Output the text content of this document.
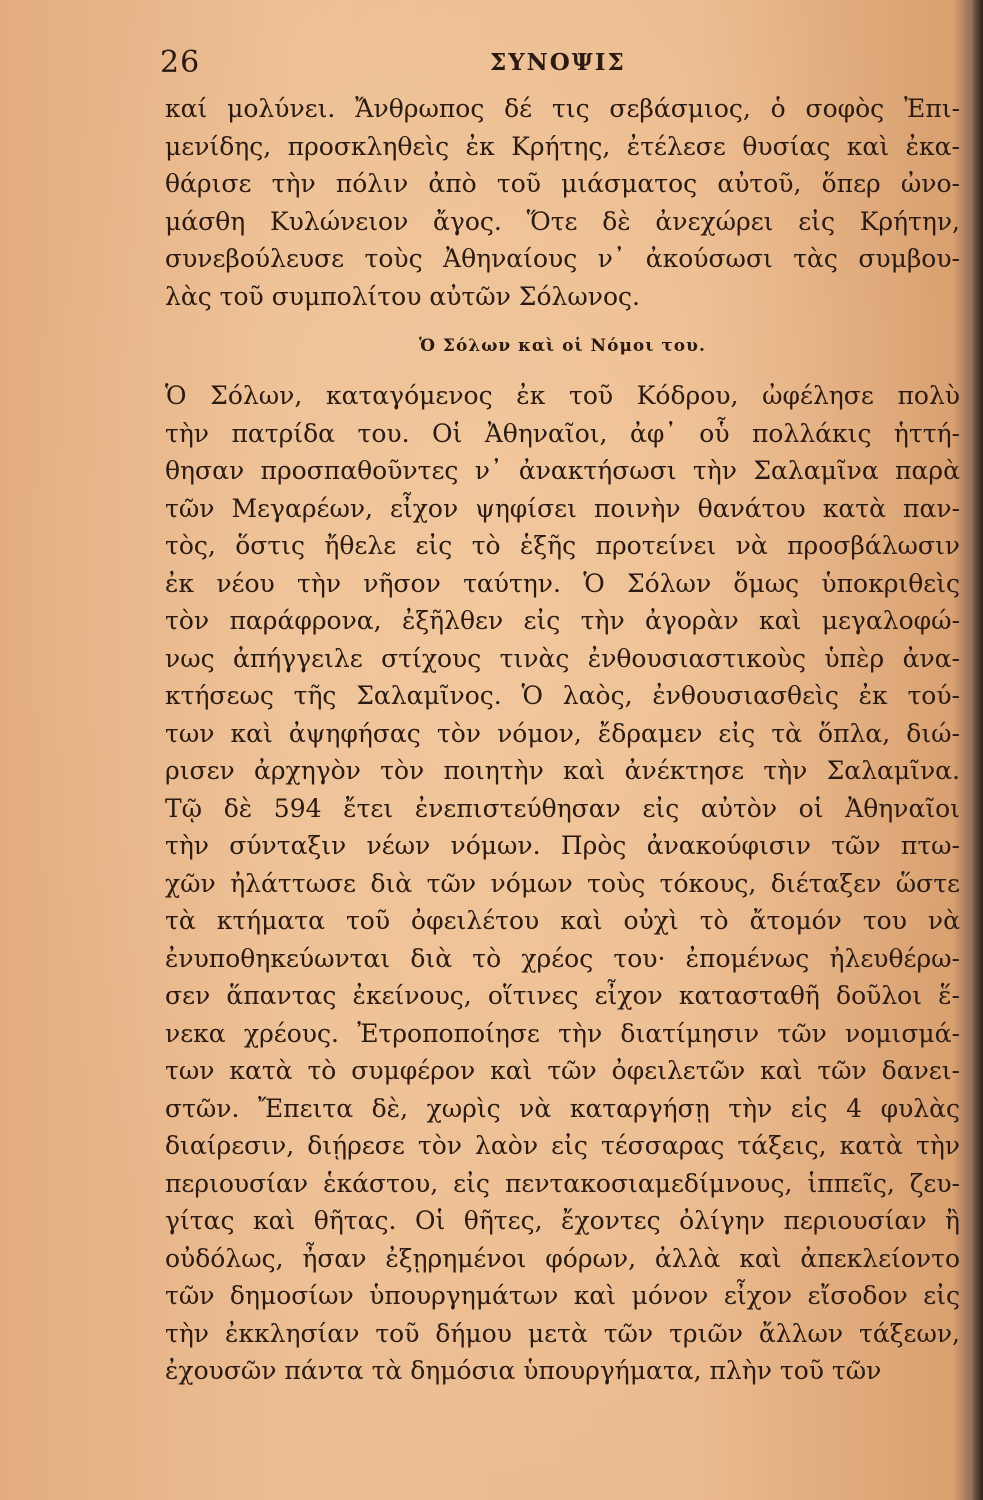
26	ΣΥΝΟΨΙΣ
καί μολύνει. Ἄνθρωπος δέ τις σεβάσμιος, ὁ σοφὸς Ἐπι-
μενίδης, προσκληθεὶς ἐκ Κρήτης, ἐτέλεσε θυσίας καὶ ἐκα-
θάρισε τὴν πόλιν ἀπὸ τοῦ μιάσματος αὐτοῦ, ὅπερ ὠνο-
μάσθη Κυλώνειον ἄγος. Ὅτε δὲ ἀνεχώρει εἰς Κρήτην,
συνεβούλευσε τοὺς Ἀθηναίους ν᾿ ἀκούσωσι τὰς συμβου-
λὰς τοῦ συμπολίτου αὐτῶν Σόλωνος.
Ὁ Σόλων καὶ οἱ Νόμοι του.
Ὁ Σόλων, καταγόμενος ἐκ τοῦ Κόδρου, ὠφέλησε πολὺ
τὴν πατρίδα του. Οἱ Ἀθηναῖοι, ἀφ᾿ οὗ πολλάκις ἡττή-
θησαν προσπαθοῦντες ν᾿ ἀνακτήσωσι τὴν Σαλαμῖνα παρὰ
τῶν Μεγαρέων, εἶχον ψηφίσει ποινὴν θανάτου κατὰ παν-
τὸς, ὅστις ἤθελε εἰς τὸ ἑξῆς προτείνει νὰ προσβάλωσιν
ἐκ νέου τὴν νῆσον ταύτην. Ὁ Σόλων ὅμως ὑποκριθεὶς
τὸν παράφρονα, ἐξῆλθεν εἰς τὴν ἀγορὰν καὶ μεγαλοφώ-
νως ἀπήγγειλε στίχους τινὰς ἐνθουσιαστικοὺς ὑπὲρ ἀνα-
κτήσεως τῆς Σαλαμῖνος. Ὁ λαὸς, ἐνθουσιασθεὶς ἐκ τού-
των καὶ ἀψηφήσας τὸν νόμον, ἔδραμεν εἰς τὰ ὅπλα, διώ-
ρισεν ἀρχηγὸν τὸν ποιητὴν καὶ ἀνέκτησε τὴν Σαλαμῖνα.
Τῷ δὲ 594 ἔτει ἐνεπιστεύθησαν εἰς αὐτὸν οἱ Ἀθηναῖοι
τὴν σύνταξιν νέων νόμων. Πρὸς ἀνακούφισιν τῶν πτω-
χῶν ἠλάττωσε διὰ τῶν νόμων τοὺς τόκους, διέταξεν ὥστε
τὰ κτήματα τοῦ ὀφειλέτου καὶ οὐχὶ τὸ ἄτομόν του νὰ
ἐνυποθηκεύωνται διὰ τὸ χρέος του· ἐπομένως ἠλευθέρω-
σεν ἅπαντας ἐκείνους, οἵτινες εἶχον κατασταθῆ δοῦλοι ἕ-
νεκα χρέους. Ἐτροποποίησε τὴν διατίμησιν τῶν νομισμά-
των κατὰ τὸ συμφέρον καὶ τῶν ὀφειλετῶν καὶ τῶν δανει-
στῶν. Ἔπειτα δὲ, χωρὶς νὰ καταργήσῃ τὴν εἰς 4 φυλὰς
διαίρεσιν, διῄρεσε τὸν λαὸν εἰς τέσσαρας τάξεις, κατὰ τὴν
περιουσίαν ἑκάστου, εἰς πεντακοσιαμεδίμνους, ἱππεῖς, ζευ-
γίτας καὶ θῆτας. Οἱ θῆτες, ἔχοντες ὀλίγην περιουσίαν ἢ
οὐδόλως, ἦσαν ἐξῃρημένοι φόρων, ἀλλὰ καὶ ἀπεκλείοντο
τῶν δημοσίων ὑπουργημάτων καὶ μόνον εἶχον εἴσοδον εἰς
τὴν ἐκκλησίαν τοῦ δήμου μετὰ τῶν τριῶν ἄλλων τάξεων,
ἐχουσῶν πάντα τὰ δημόσια ὑπουργήματα, πλὴν τοῦ τῶν
